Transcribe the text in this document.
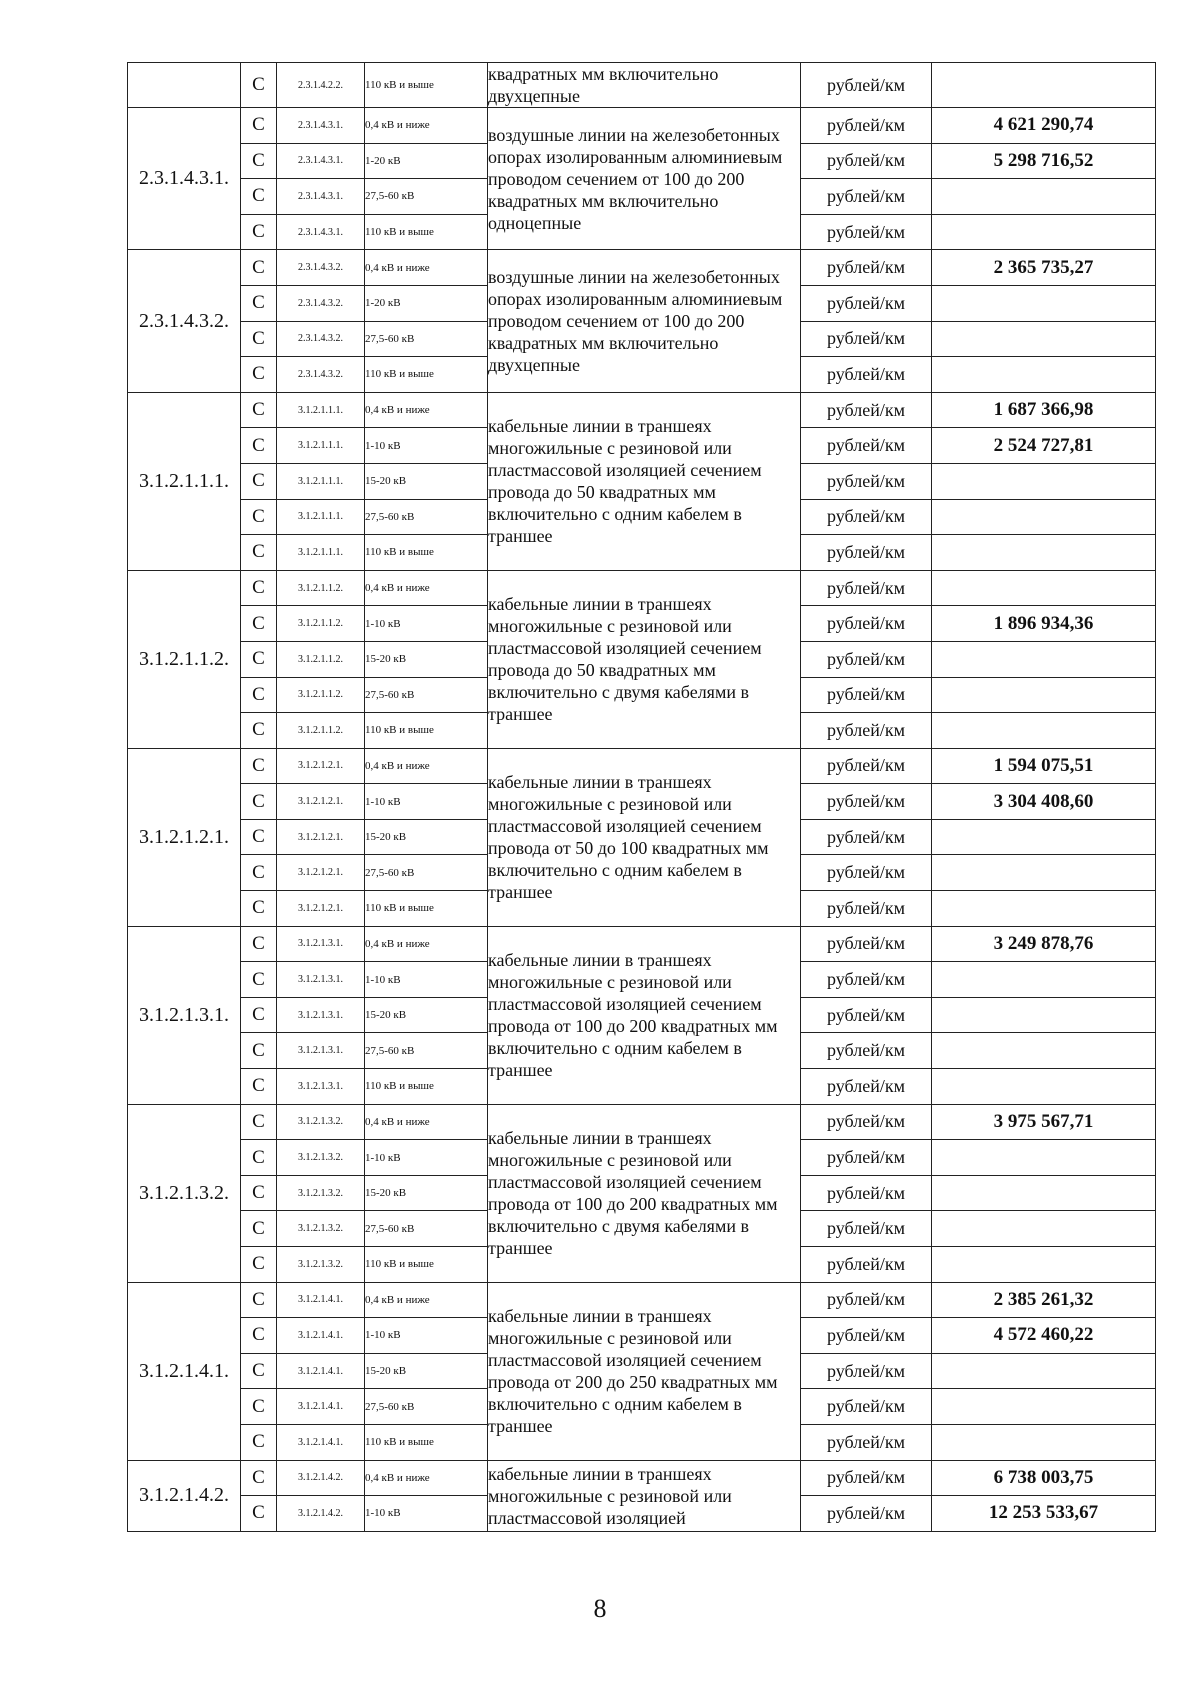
	С	2.3.1.4.2.2.	110 кВ и выше	квадратных мм включительно двухцепные	рублей/км	
2.3.1.4.3.1.	С	2.3.1.4.3.1.	0,4 кВ и ниже	воздушные линии на железобетонных опорах изолированным алюминиевым проводом сечением от 100 до 200 квадратных мм включительно одноцепные	рублей/км	4 621 290,74
	С	2.3.1.4.3.1.	1-20 кВ		рублей/км	5 298 716,52
	С	2.3.1.4.3.1.	27,5-60 кВ		рублей/км	
	С	2.3.1.4.3.1.	110 кВ и выше		рублей/км	
2.3.1.4.3.2.	С	2.3.1.4.3.2.	0,4 кВ и ниже	воздушные линии на железобетонных опорах изолированным алюминиевым проводом сечением от 100 до 200 квадратных мм включительно двухцепные	рублей/км	2 365 735,27
	С	2.3.1.4.3.2.	1-20 кВ		рублей/км	
	С	2.3.1.4.3.2.	27,5-60 кВ		рублей/км	
	С	2.3.1.4.3.2.	110 кВ и выше		рублей/км	
3.1.2.1.1.1.	С	3.1.2.1.1.1.	0,4 кВ и ниже	кабельные линии в траншеях многожильные с резиновой или пластмассовой изоляцией сечением провода до 50 квадратных мм включительно с одним кабелем в траншее	рублей/км	1 687 366,98
	С	3.1.2.1.1.1.	1-10 кВ		рублей/км	2 524 727,81
	С	3.1.2.1.1.1.	15-20 кВ		рублей/км	
	С	3.1.2.1.1.1.	27,5-60 кВ		рублей/км	
	С	3.1.2.1.1.1.	110 кВ и выше		рублей/км	
3.1.2.1.1.2.	С	3.1.2.1.1.2.	0,4 кВ и ниже	кабельные линии в траншеях многожильные с резиновой или пластмассовой изоляцией сечением провода до 50 квадратных мм включительно с двумя кабелями в траншее	рублей/км	
	С	3.1.2.1.1.2.	1-10 кВ		рублей/км	1 896 934,36
	С	3.1.2.1.1.2.	15-20 кВ		рублей/км	
	С	3.1.2.1.1.2.	27,5-60 кВ		рублей/км	
	С	3.1.2.1.1.2.	110 кВ и выше		рублей/км	
3.1.2.1.2.1.	С	3.1.2.1.2.1.	0,4 кВ и ниже	кабельные линии в траншеях многожильные с резиновой или пластмассовой изоляцией сечением провода от 50 до 100 квадратных мм включительно с одним кабелем в траншее	рублей/км	1 594 075,51
	С	3.1.2.1.2.1.	1-10 кВ		рублей/км	3 304 408,60
	С	3.1.2.1.2.1.	15-20 кВ		рублей/км	
	С	3.1.2.1.2.1.	27,5-60 кВ		рублей/км	
	С	3.1.2.1.2.1.	110 кВ и выше		рублей/км	
3.1.2.1.3.1.	С	3.1.2.1.3.1.	0,4 кВ и ниже	кабельные линии в траншеях многожильные с резиновой или пластмассовой изоляцией сечением провода от 100 до 200 квадратных мм включительно с одним кабелем в траншее	рублей/км	3 249 878,76
	С	3.1.2.1.3.1.	1-10 кВ		рублей/км	
	С	3.1.2.1.3.1.	15-20 кВ		рублей/км	
	С	3.1.2.1.3.1.	27,5-60 кВ		рублей/км	
	С	3.1.2.1.3.1.	110 кВ и выше		рублей/км	
3.1.2.1.3.2.	С	3.1.2.1.3.2.	0,4 кВ и ниже	кабельные линии в траншеях многожильные с резиновой или пластмассовой изоляцией сечением провода от 100 до 200 квадратных мм включительно с двумя кабелями в траншее	рублей/км	3 975 567,71
	С	3.1.2.1.3.2.	1-10 кВ		рублей/км	
	С	3.1.2.1.3.2.	15-20 кВ		рублей/км	
	С	3.1.2.1.3.2.	27,5-60 кВ		рублей/км	
	С	3.1.2.1.3.2.	110 кВ и выше		рублей/км	
3.1.2.1.4.1.	С	3.1.2.1.4.1.	0,4 кВ и ниже	кабельные линии в траншеях многожильные с резиновой или пластмассовой изоляцией сечением провода от 200 до 250 квадратных мм включительно с одним кабелем в траншее	рублей/км	2 385 261,32
	С	3.1.2.1.4.1.	1-10 кВ		рублей/км	4 572 460,22
	С	3.1.2.1.4.1.	15-20 кВ		рублей/км	
	С	3.1.2.1.4.1.	27,5-60 кВ		рублей/км	
	С	3.1.2.1.4.1.	110 кВ и выше		рублей/км	
3.1.2.1.4.2.	С	3.1.2.1.4.2.	0,4 кВ и ниже	кабельные линии в траншеях многожильные с резиновой или пластмассовой изоляцией	рублей/км	6 738 003,75
	С	3.1.2.1.4.2.	1-10 кВ		рублей/км	12 253 533,67
8
